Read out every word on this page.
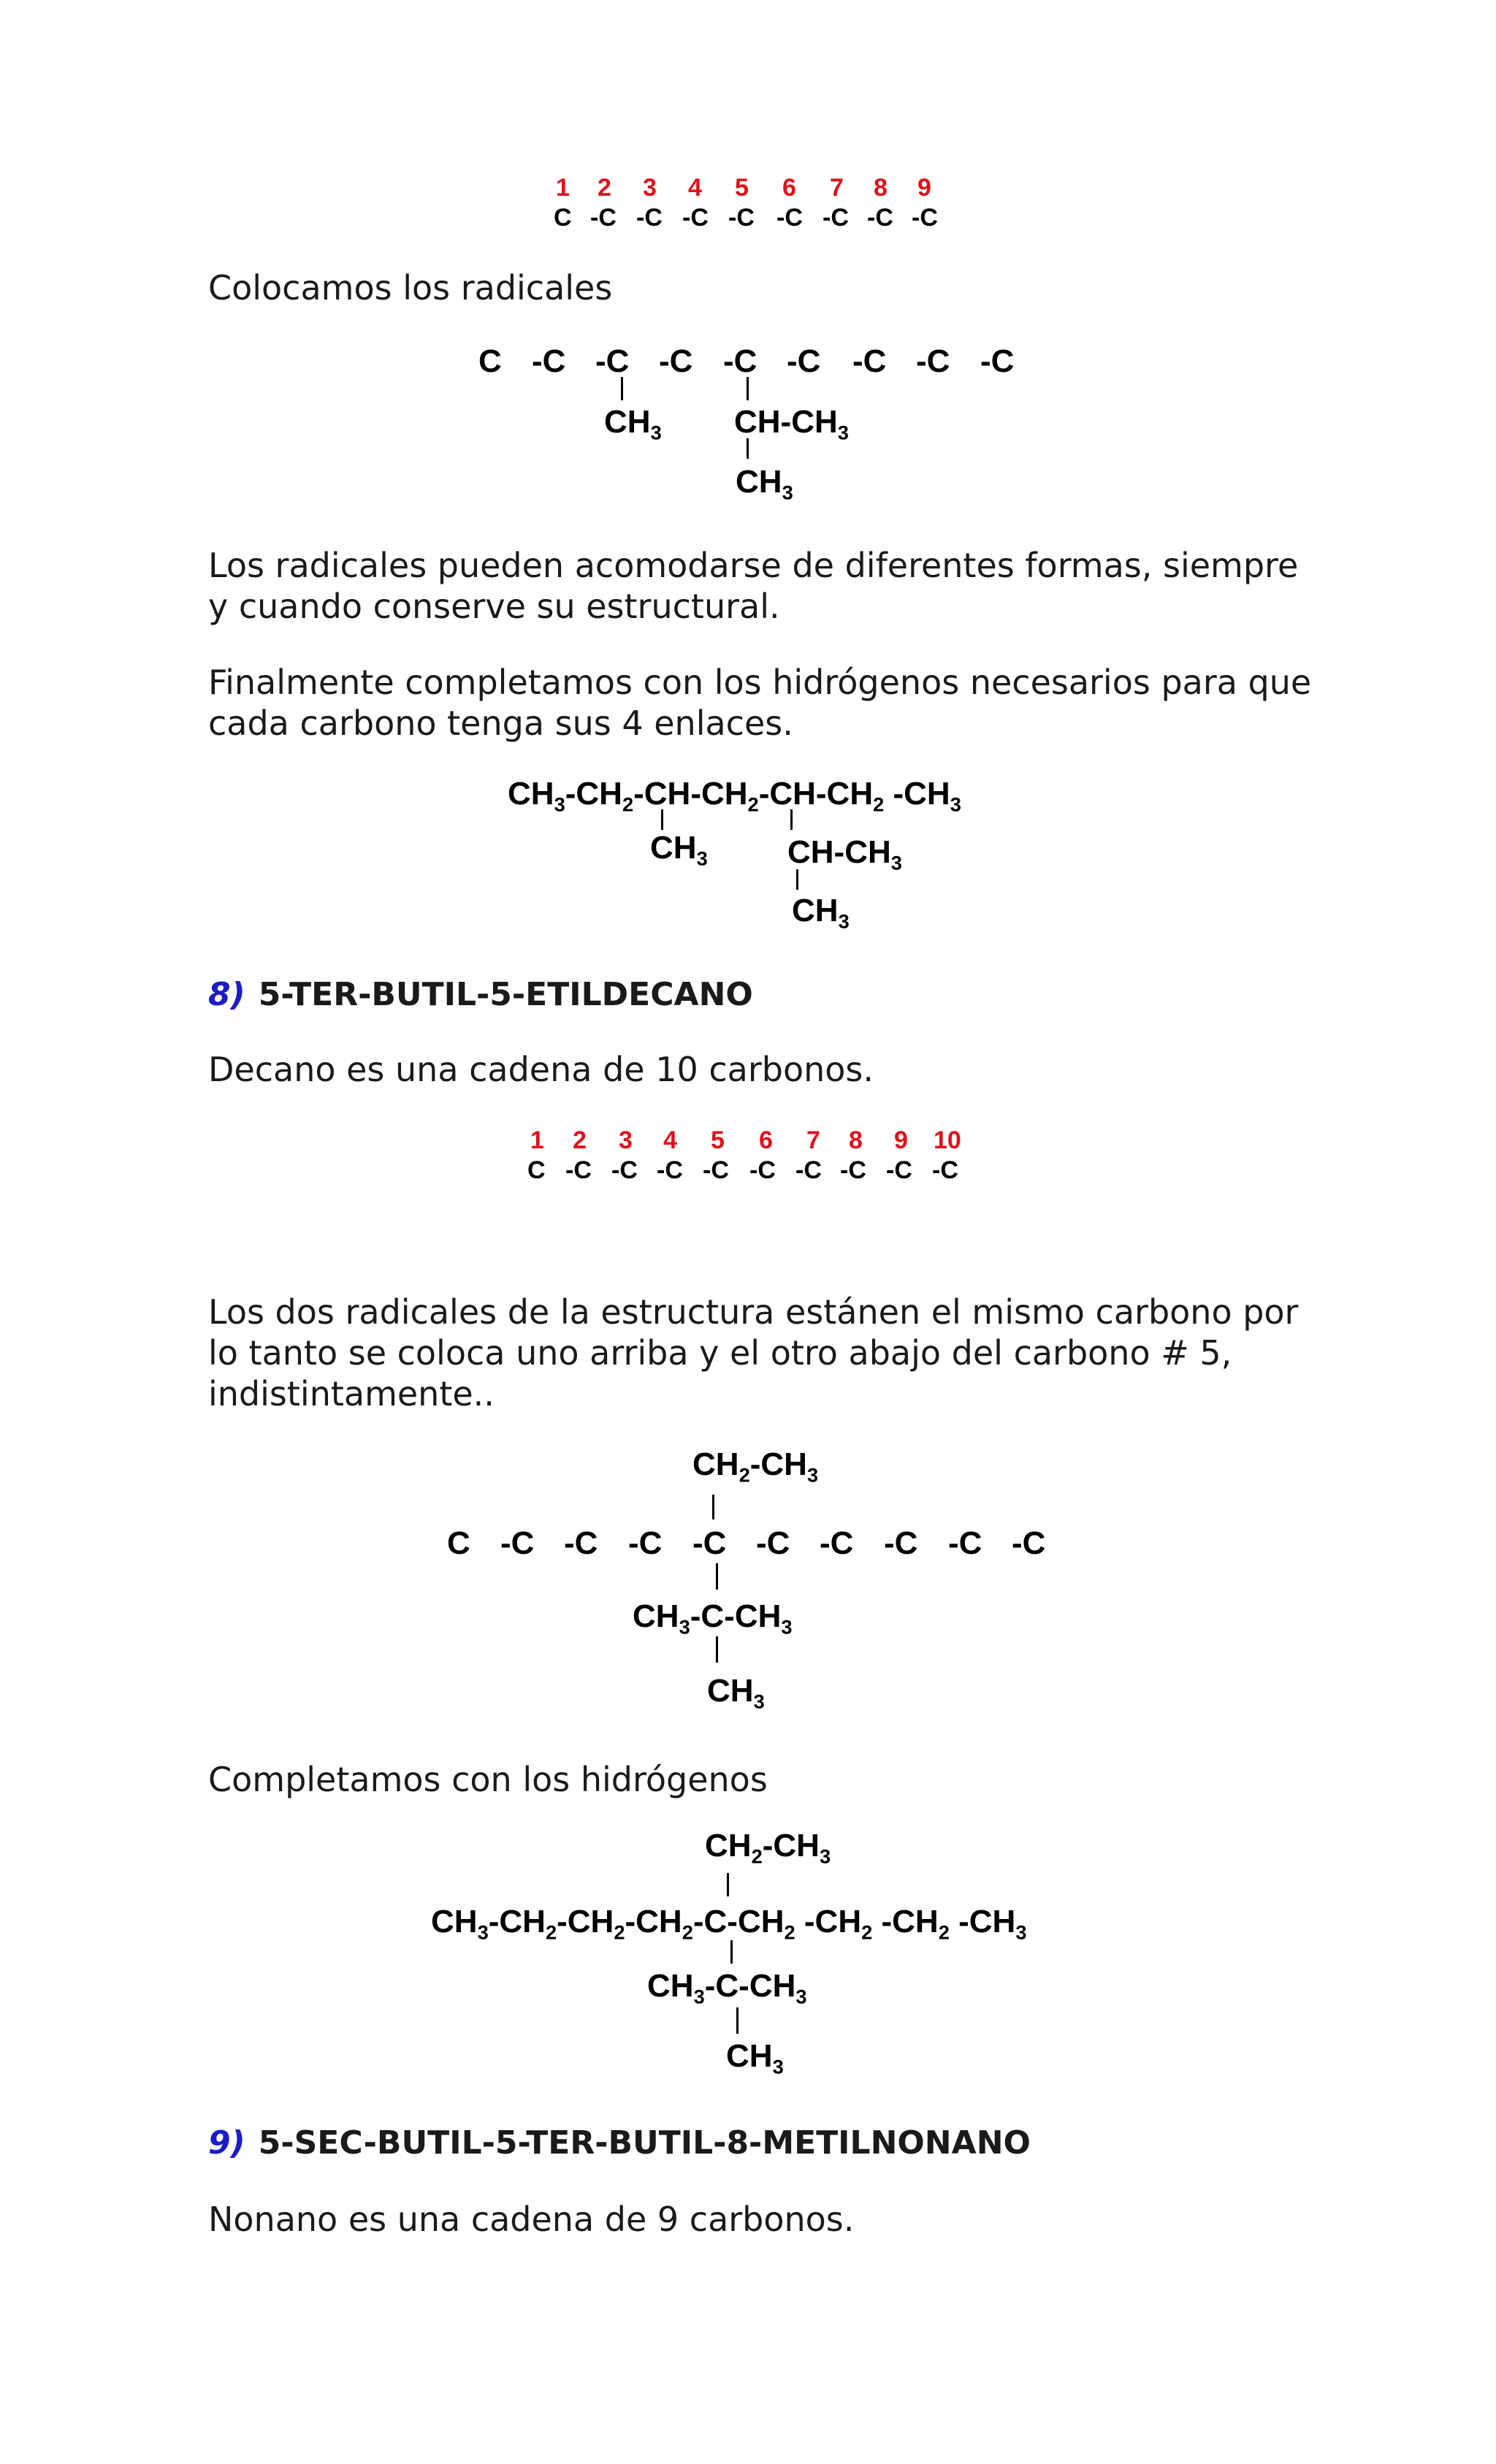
1 2 3 4 5 6 7 8 9
C -C -C -C -C -C -C -C -C

Colocamos los radicales

C -C -C -C -C -C -C -C -C
$CH_3$ $CH-CH_3$
$CH_3$

Los radicales pueden acomodarse de diferentes formas, siempre y cuando conserve su estructural.

Finalmente completamos con los hidrógenos necesarios para que cada carbono tenga sus 4 enlaces.

$CH_3-CH_2-CH-CH_2-CH-CH_2$ $-CH_3$
$CH_3$ $CH-CH_3$
$CH_3$
8) 5-TER-BUTIL-5-ETILDECANO

Decano es una cadena de 10 carbonos.

1 2 3 4 5 6 7 8 9 10
C -C -C -C -C -C -C -C -C -C

Los dos radicales de la estructura estánen el mismo carbono por lo tanto se coloca uno arriba y el otro abajo del carbono # 5, indistintamente..

$CH_2-CH_3$
C -C -C -C -C -C -C -C -C -C
$CH_3-C-CH_3$
$CH_3$

Completamos con los hidrógenos

$CH_2-CH_3$
$CH_3-CH_2-CH_2-CH_2-C-CH_2$ $-CH_2$ $-CH_2$ $-CH_3$
$CH_3-C-CH_3$
$CH_3$
9) 5-SEC-BUTIL-5-TER-BUTIL-8-METILNONANO

Nonano es una cadena de 9 carbonos.
